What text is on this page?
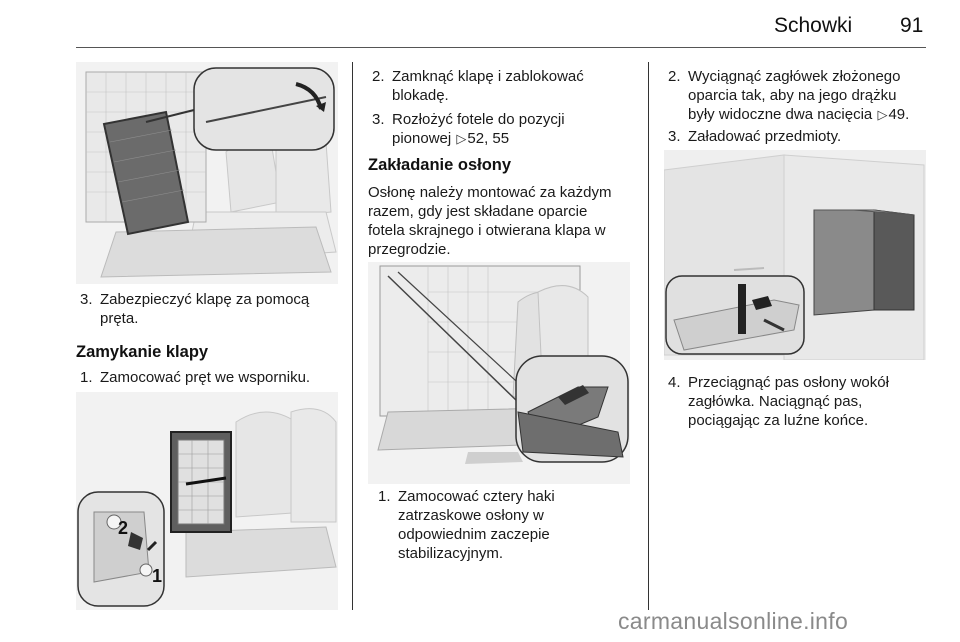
Schowki 91
3. Zabezpieczyć klapę za pomocą
pręta.
Zamykanie klapy
1. Zamocować pręt we wsporniku.
2
1
2. Zamknąć klapę i zablokować
blokadę.
3. Rozłożyć fotele do pozycji
pionowej ▷52, 55
Zakładanie osłony
Osłonę należy montować za każdym
razem, gdy jest składane oparcie
fotela skrajnego i otwierana klapa w
przegrodzie.
1. Zamocować cztery haki
zatrzaskowe osłony w
odpowiednim zaczepie
stabilizacyjnym.
2. Wyciągnąć zagłówek złożonego
oparcia tak, aby na jego drążku
były widoczne dwa nacięcia ▷49.
3. Załadować przedmioty.
4. Przeciągnąć pas osłony wokół
zagłówka. Naciągnąć pas,
pociągając za luźne końce.
carmanualsonline.info
